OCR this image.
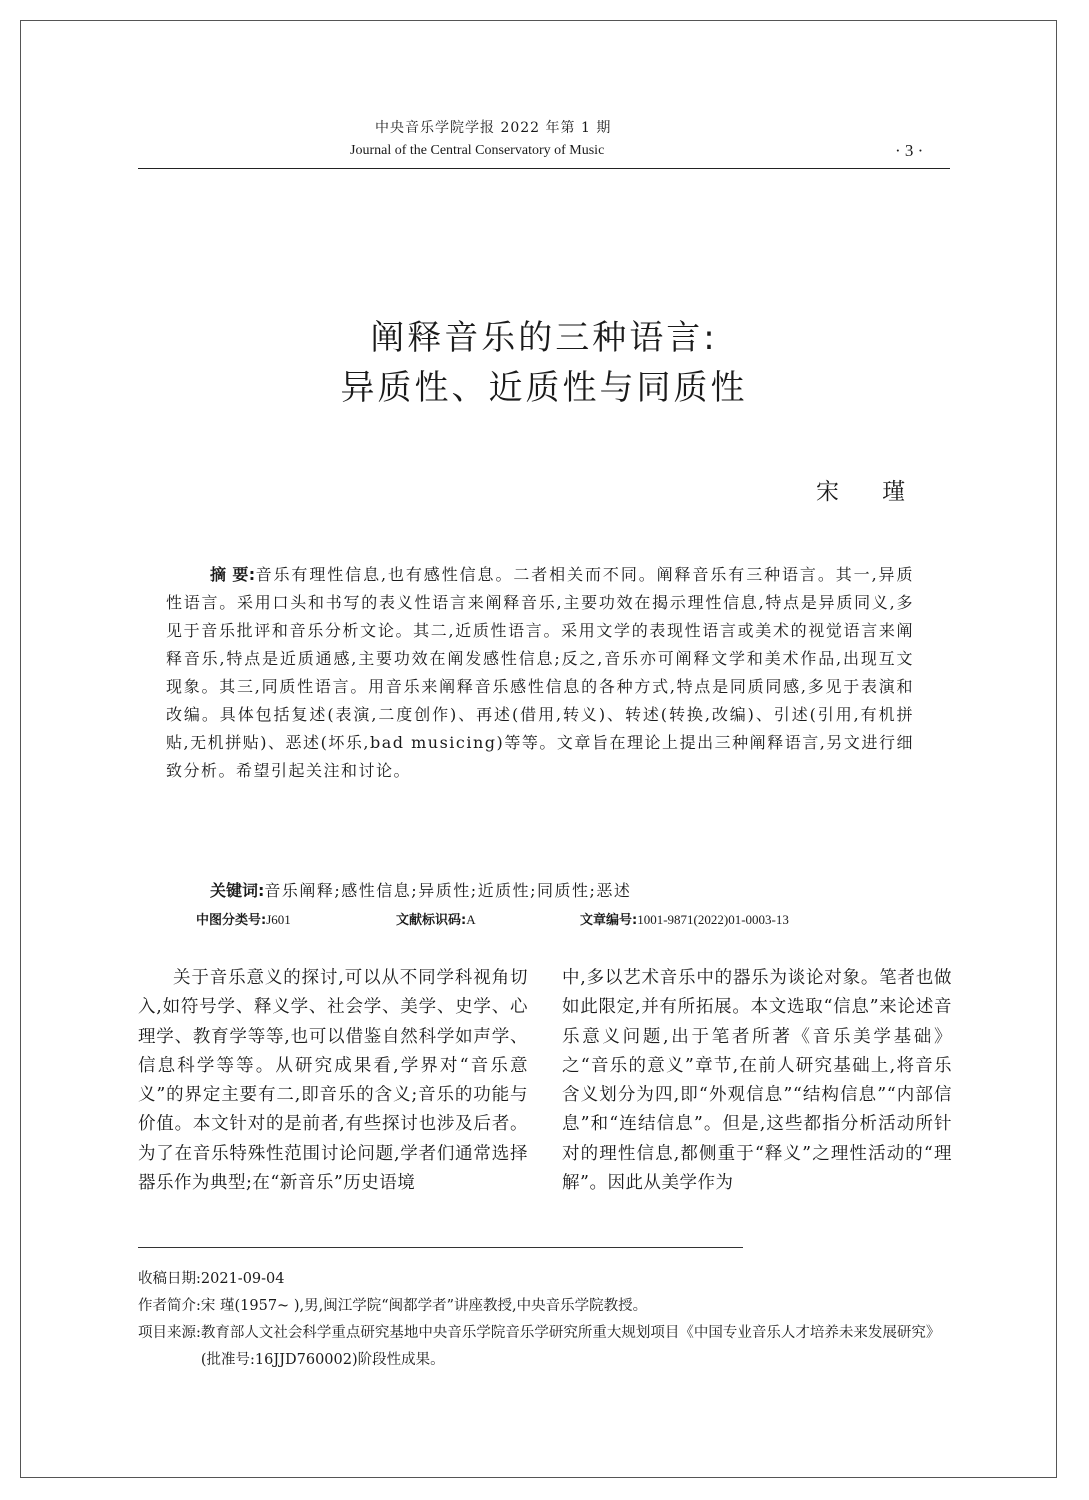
中央音乐学院学报 2022 年第 1 期
Journal of the Central Conservatory of Music	· 3 ·
阐释音乐的三种语言:
异质性、近质性与同质性
宋 瑾
摘 要:音乐有理性信息,也有感性信息。二者相关而不同。阐释音乐有三种语言。其一,异质性语言。采用口头和书写的表义性语言来阐释音乐,主要功效在揭示理性信息,特点是异质同义,多见于音乐批评和音乐分析文论。其二,近质性语言。采用文学的表现性语言或美术的视觉语言来阐释音乐,特点是近质通感,主要功效在阐发感性信息;反之,音乐亦可阐释文学和美术作品,出现互文现象。其三,同质性语言。用音乐来阐释音乐感性信息的各种方式,特点是同质同感,多见于表演和改编。具体包括复述(表演,二度创作)、再述(借用,转义)、转述(转换,改编)、引述(引用,有机拼贴,无机拼贴)、恶述(坏乐,bad musicing)等等。文章旨在理论上提出三种阐释语言,另文进行细致分析。希望引起关注和讨论。
关键词:音乐阐释;感性信息;异质性;近质性;同质性;恶述
中图分类号:J601	文献标识码:A	文章编号:1001-9871(2022)01-0003-13
关于音乐意义的探讨,可以从不同学科视角切入,如符号学、释义学、社会学、美学、史学、心理学、教育学等等,也可以借鉴自然科学如声学、信息科学等等。从研究成果看,学界对“音乐意义”的界定主要有二,即音乐的含义;音乐的功能与价值。本文针对的是前者,有些探讨也涉及后者。为了在音乐特殊性范围讨论问题,学者们通常选择器乐作为典型;在“新音乐”历史语境
中,多以艺术音乐中的器乐为谈论对象。笔者也做如此限定,并有所拓展。本文选取“信息”来论述音乐意义问题,出于笔者所著《音乐美学基础》之“音乐的意义”章节,在前人研究基础上,将音乐含义划分为四,即“外观信息”“结构信息”“内部信息”和“连结信息”。但是,这些都指分析活动所针对的理性信息,都侧重于“释义”之理性活动的“理解”。因此从美学作为
收稿日期: 2021-09-04
作者简介: 宋 瑾(1957~ ),男,闽江学院“闽都学者”讲座教授,中央音乐学院教授。
项目来源: 教育部人文社会科学重点研究基地中央音乐学院音乐学研究所重大规划项目《中国专业音乐人才培养未来发展研究》(批准号:16JJD760002)阶段性成果。
